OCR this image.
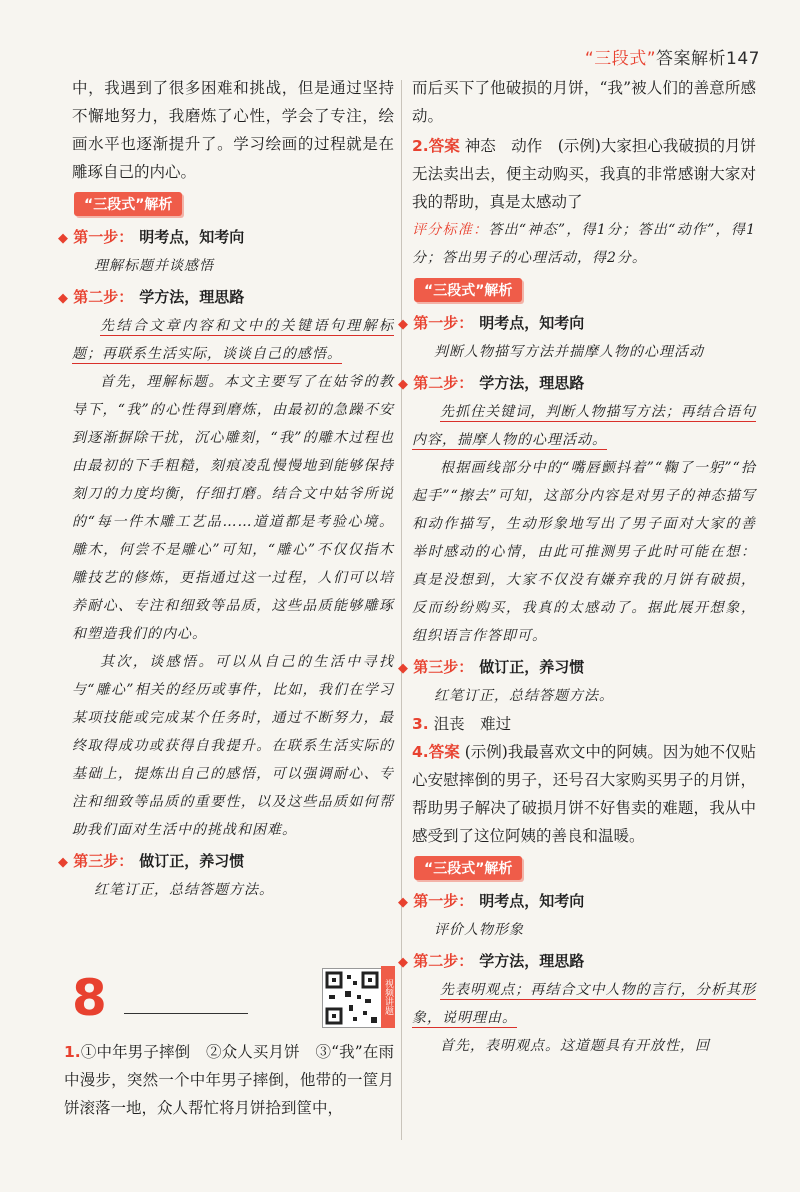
“三段式”答案解析147

中，我遇到了很多困难和挑战，但是通过坚持不懈地努力，我磨炼了心性，学会了专注，绘画水平也逐渐提升了。学习绘画的过程就是在雕琢自己的内心。

“三段式”解析
◆ 第一步： 明考点，知考向
理解标题并谈感悟
◆ 第二步： 学方法，理思路

先结合文章内容和文中的关键语句理解标题；再联系生活实际，谈谈自己的感悟。

首先，理解标题。本文主要写了在姑爷的教导下，“我”的心性得到磨炼，由最初的急躁不安到逐渐摒除干扰，沉心雕刻，“我”的雕木过程也由最初的下手粗糙，刻痕凌乱慢慢地到能够保持刻刀的力度均衡，仔细打磨。结合文中姑爷所说的“每一件木雕工艺品……道道都是考验心境。雕木，何尝不是雕心”可知，“雕心”不仅仅指木雕技艺的修炼，更指通过这一过程，人们可以培养耐心、专注和细致等品质，这些品质能够雕琢和塑造我们的内心。

其次，谈感悟。可以从自己的生活中寻找与“雕心”相关的经历或事件，比如，我们在学习某项技能或完成某个任务时，通过不断努力，最终取得成功或获得自我提升。在联系生活实际的基础上，提炼出自己的感悟，可以强调耐心、专注和细致等品质的重要性，以及这些品质如何帮助我们面对生活中的挑战和困难。

◆ 第三步： 做订正，养习惯
红笔订正，总结答题方法。
8	视频讲题

1.①中年男子摔倒　②众人买月饼　③“我”在雨中漫步，突然一个中年男子摔倒，他带的一筐月饼滚落一地，众人帮忙将月饼拾到筐中，

而后买下了他破损的月饼，“我”被人们的善意所感动。

2.答案 神态　动作　(示例)大家担心我破损的月饼无法卖出去，便主动购买，我真的非常感谢大家对我的帮助，真是太感动了

评分标准：答出“神态”，得1分；答出“动作”，得1分；答出男子的心理活动，得2分。

“三段式”解析
◆ 第一步： 明考点，知考向
判断人物描写方法并揣摩人物的心理活动
◆ 第二步： 学方法，理思路

先抓住关键词，判断人物描写方法；再结合语句内容，揣摩人物的心理活动。

根据画线部分中的“嘴唇颤抖着”“鞠了一躬”“拾起手”“擦去”可知，这部分内容是对男子的神态描写和动作描写，生动形象地写出了男子面对大家的善举时感动的心情，由此可推测男子此时可能在想：真是没想到，大家不仅没有嫌弃我的月饼有破损，反而纷纷购买，我真的太感动了。据此展开想象，组织语言作答即可。

◆ 第三步： 做订正，养习惯
红笔订正，总结答题方法。

3. 沮丧　难过

4.答案 (示例)我最喜欢文中的阿姨。因为她不仅贴心安慰摔倒的男子，还号召大家购买男子的月饼，帮助男子解决了破损月饼不好售卖的难题，我从中感受到了这位阿姨的善良和温暖。

“三段式”解析
◆ 第一步： 明考点，知考向
评价人物形象
◆ 第二步： 学方法，理思路

先表明观点；再结合文中人物的言行，分析其形象，说明理由。

首先，表明观点。这道题具有开放性，回
